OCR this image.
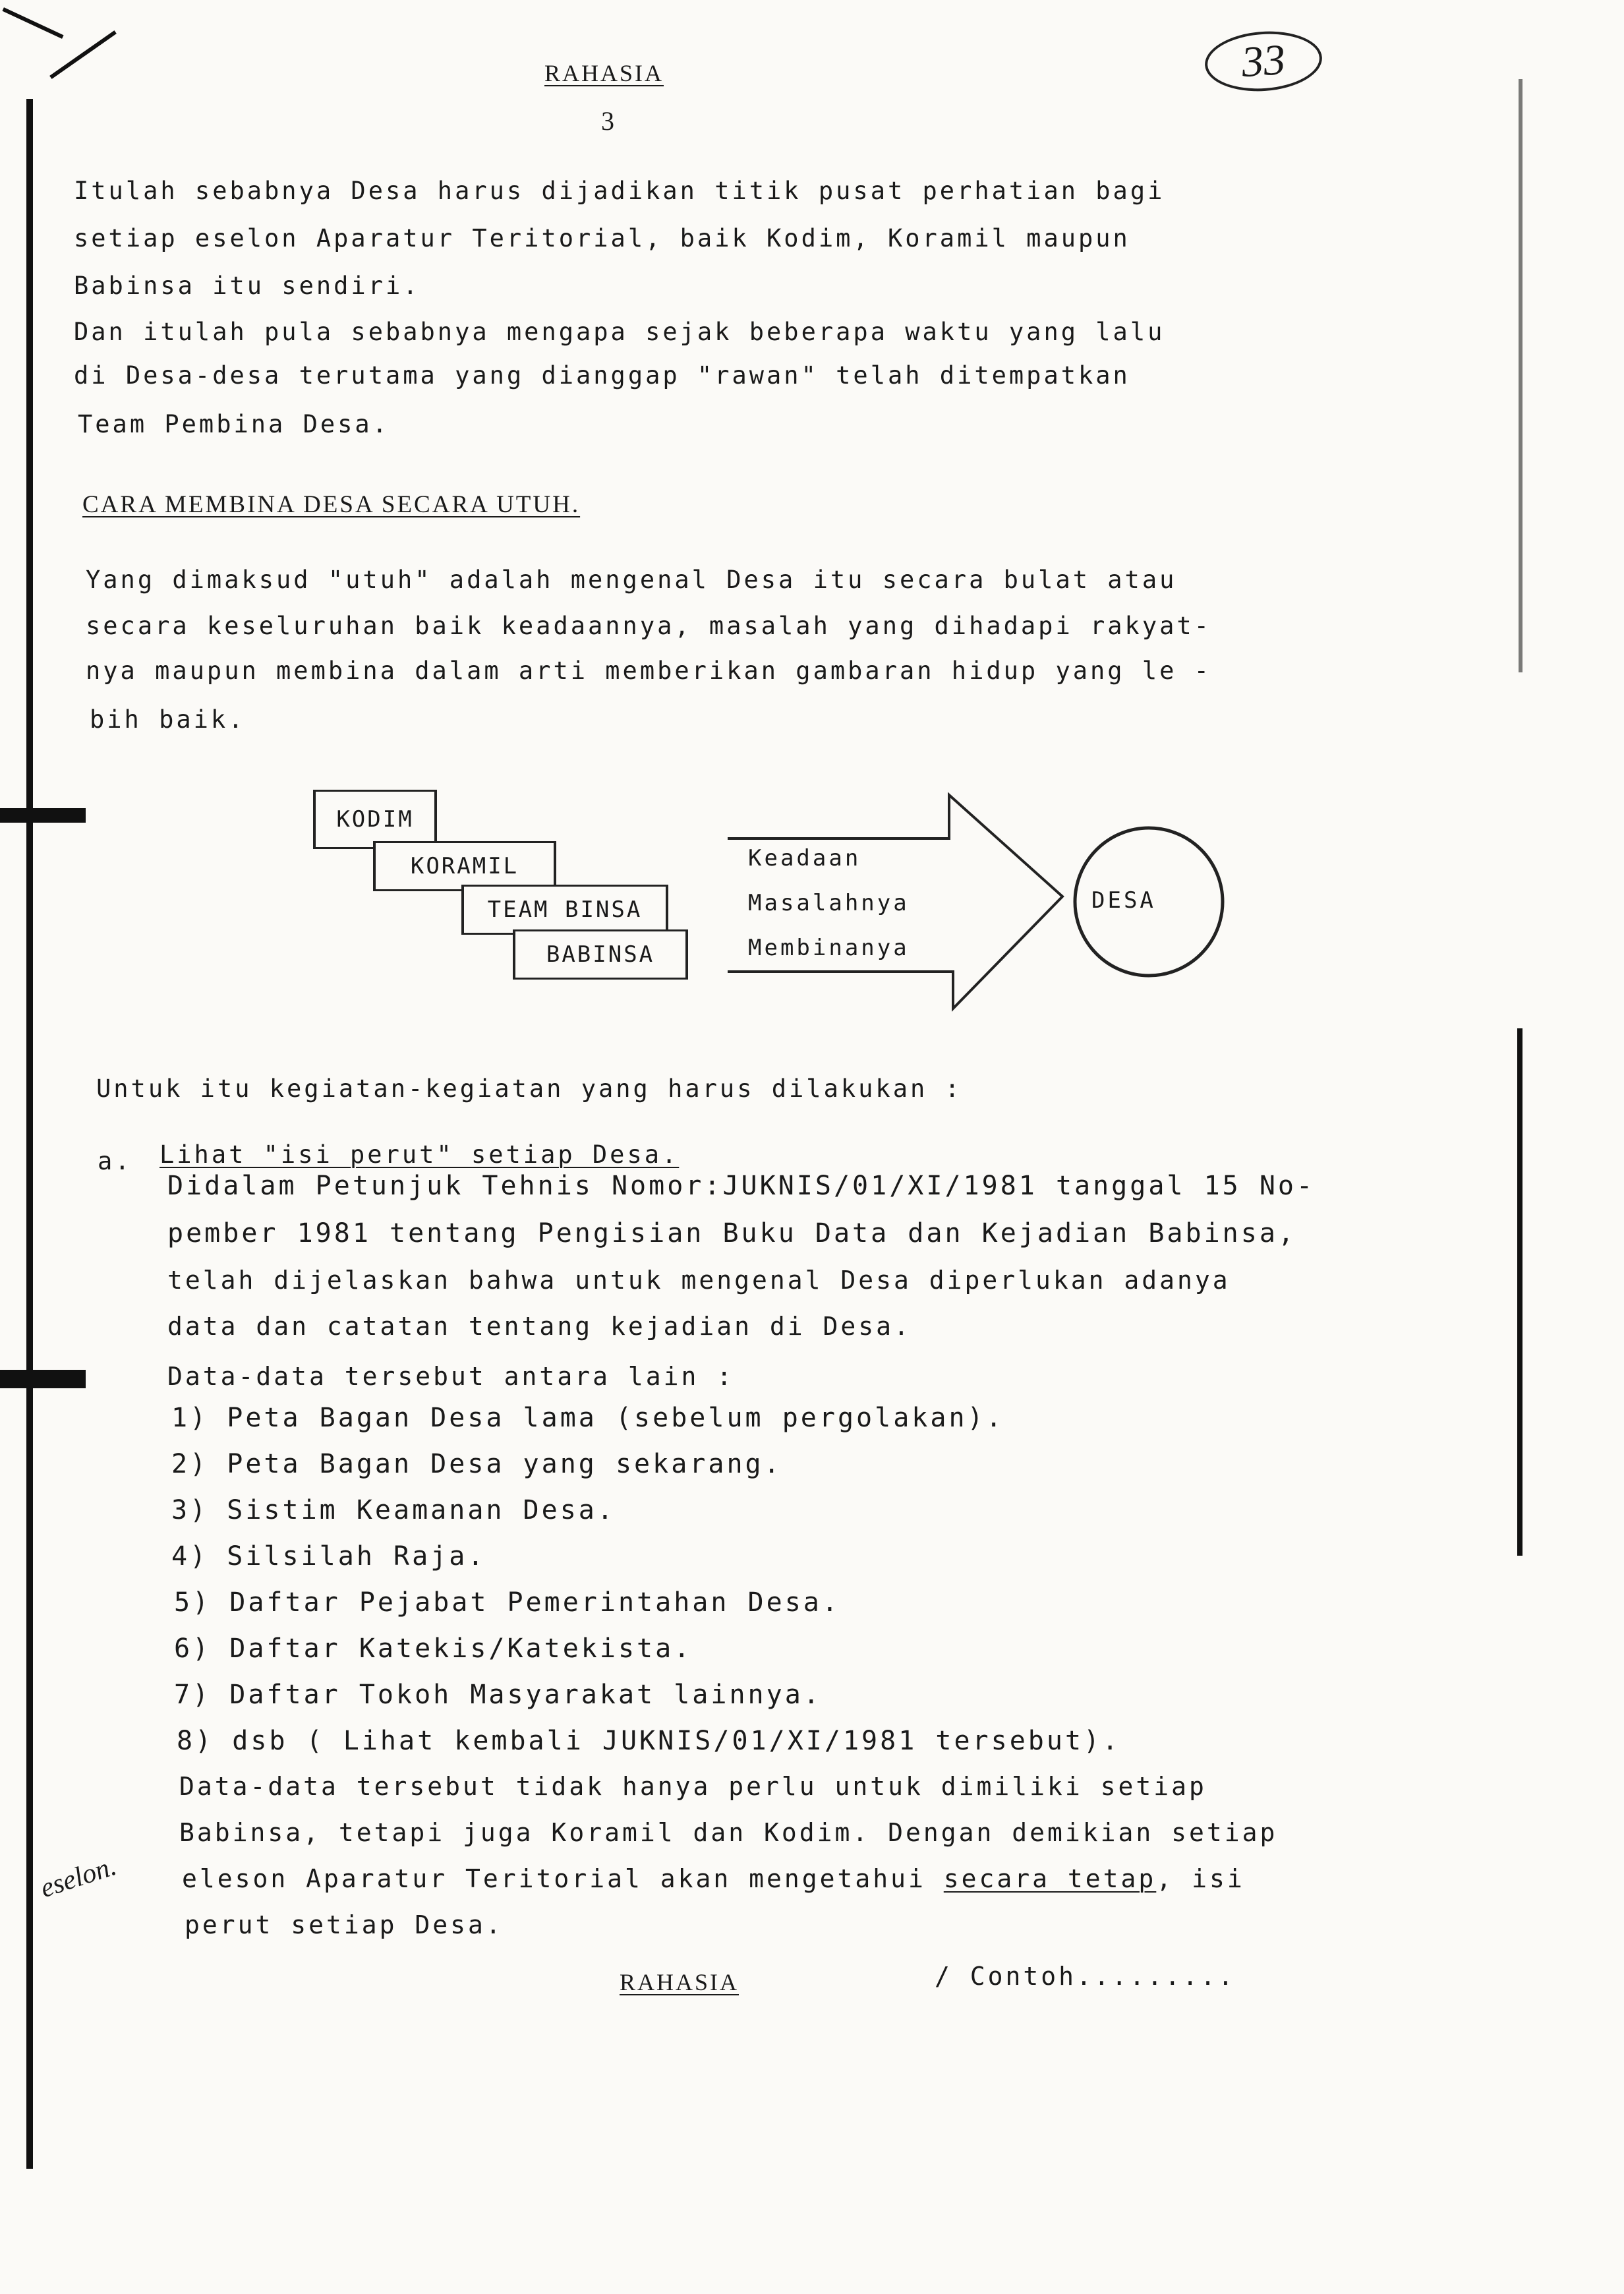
RAHASIA
3
33
Itulah sebabnya Desa harus dijadikan titik pusat perhatian bagi
setiap eselon Aparatur Teritorial, baik Kodim, Koramil maupun
Babinsa itu sendiri.
Dan itulah pula sebabnya mengapa sejak beberapa waktu yang lalu
di Desa-desa terutama yang dianggap "rawan" telah ditempatkan
Team Pembina Desa.
CARA MEMBINA DESA SECARA UTUH.
Yang dimaksud "utuh" adalah mengenal Desa itu secara bulat atau
secara keseluruhan baik keadaannya, masalah yang dihadapi rakyat-
nya maupun membina dalam arti memberikan gambaran hidup yang le -
bih baik.
KODIM
KORAMIL
TEAM BINSA
BABINSA
Keadaan
Masalahnya
Membinanya
DESA
Untuk itu kegiatan-kegiatan yang harus dilakukan :
a. Lihat "isi perut" setiap Desa.
Didalam Petunjuk Tehnis Nomor:JUKNIS/01/XI/1981 tanggal 15 No-
pember 1981 tentang Pengisian Buku Data dan Kejadian Babinsa,
telah dijelaskan bahwa untuk mengenal Desa diperlukan adanya
data dan catatan tentang kejadian di Desa.
Data-data tersebut antara lain :
1) Peta Bagan Desa lama (sebelum pergolakan).
2) Peta Bagan Desa yang sekarang.
3) Sistim Keamanan Desa.
4) Silsilah Raja.
5) Daftar Pejabat Pemerintahan Desa.
6) Daftar Katekis/Katekista.
7) Daftar Tokoh Masyarakat lainnya.
8) dsb ( Lihat kembali JUKNIS/01/XI/1981 tersebut).
Data-data tersebut tidak hanya perlu untuk dimiliki setiap
Babinsa, tetapi juga Koramil dan Kodim. Dengan demikian setiap
eleson Aparatur Teritorial akan mengetahui secara tetap, isi
perut setiap Desa.
eselon.
RAHASIA	/ Contoh.........
